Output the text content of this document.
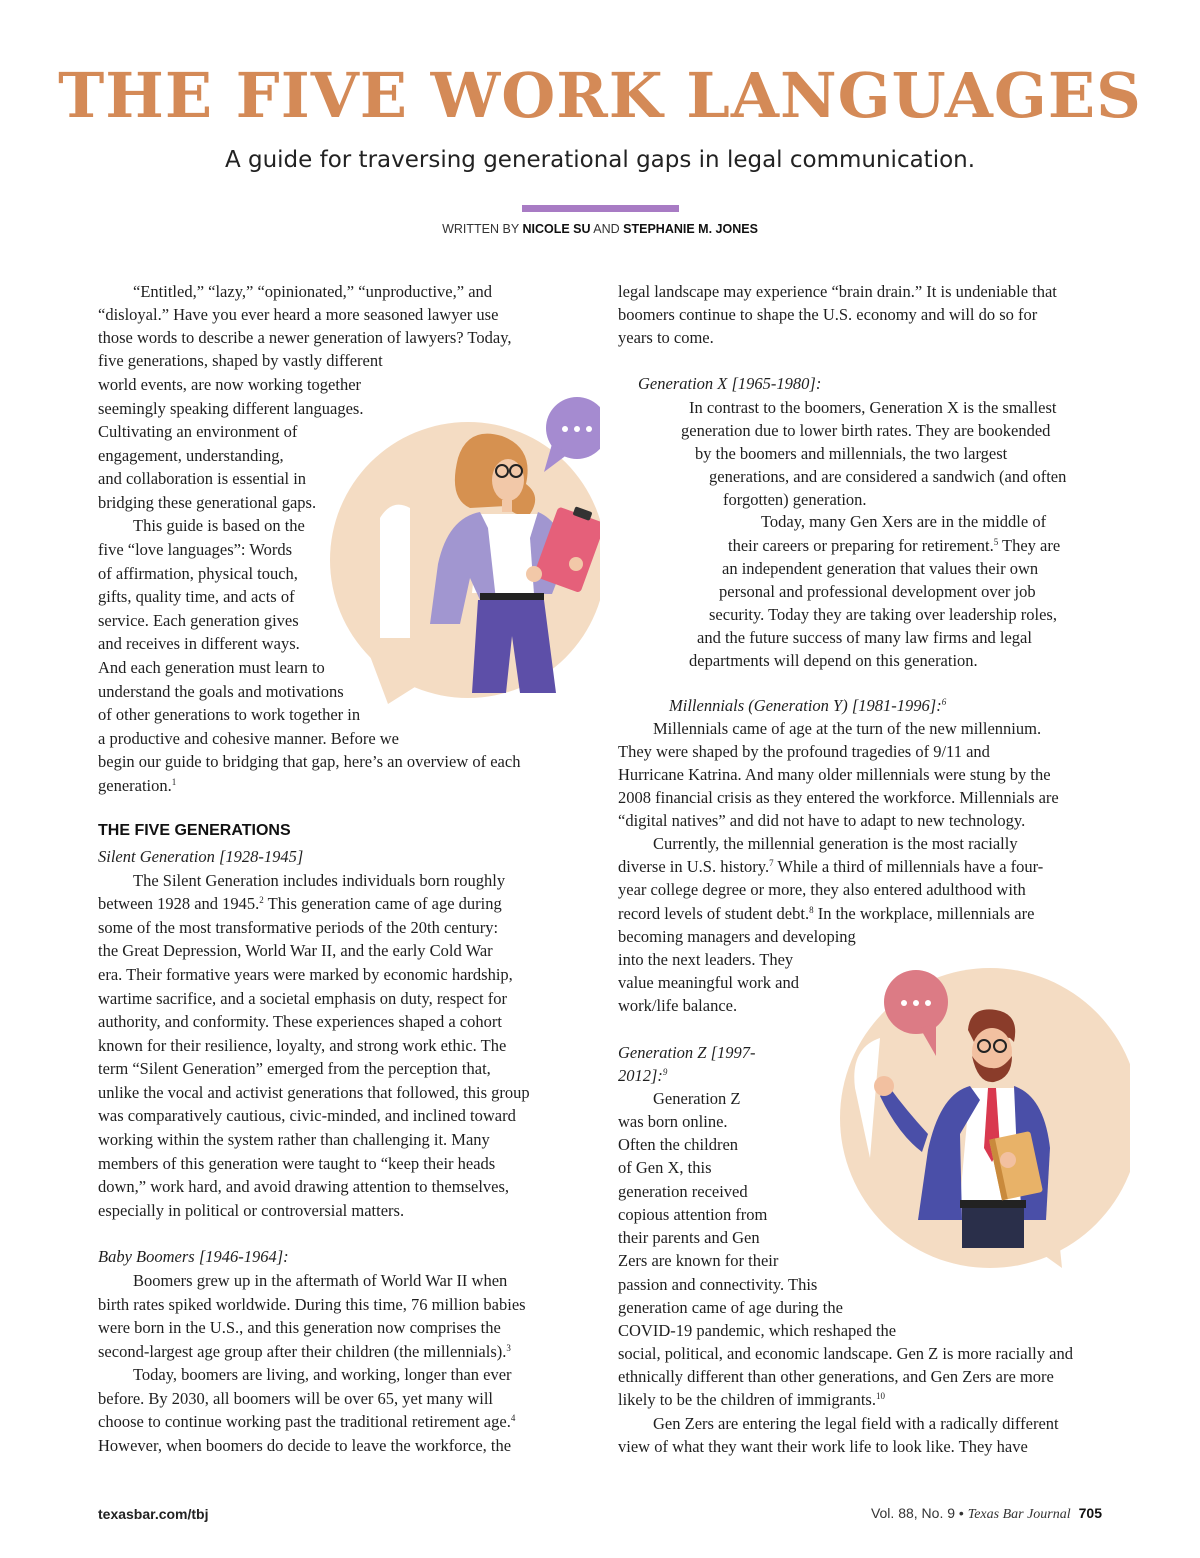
THE FIVE WORK LANGUAGES
A guide for traversing generational gaps in legal communication.
WRITTEN BY NICOLE SU AND STEPHANIE M. JONES
“Entitled,” “lazy,” “opinionated,” “unproductive,” and
“disloyal.” Have you ever heard a more seasoned lawyer use
those words to describe a newer generation of lawyers? Today,
five generations, shaped by vastly different
world events, are now working together
seemingly speaking different languages.
Cultivating an environment of
engagement, understanding,
and collaboration is essential in
bridging these generational gaps.
This guide is based on the
five “love languages”: Words
of affirmation, physical touch,
gifts, quality time, and acts of
service. Each generation gives
and receives in different ways.
And each generation must learn to
understand the goals and motivations
of other generations to work together in
a productive and cohesive manner. Before we
begin our guide to bridging that gap, here’s an overview of each
generation.$^1$
THE FIVE GENERATIONS
Silent Generation [1928-1945]
The Silent Generation includes individuals born roughly
between 1928 and 1945.$^2$ This generation came of age during
some of the most transformative periods of the 20th century:
the Great Depression, World War II, and the early Cold War
era. Their formative years were marked by economic hardship,
wartime sacrifice, and a societal emphasis on duty, respect for
authority, and conformity. These experiences shaped a cohort
known for their resilience, loyalty, and strong work ethic. The
term “Silent Generation” emerged from the perception that,
unlike the vocal and activist generations that followed, this group
was comparatively cautious, civic-minded, and inclined toward
working within the system rather than challenging it. Many
members of this generation were taught to “keep their heads
down,” work hard, and avoid drawing attention to themselves,
especially in political or controversial matters.
Baby Boomers [1946-1964]:
Boomers grew up in the aftermath of World War II when
birth rates spiked worldwide. During this time, 76 million babies
were born in the U.S., and this generation now comprises the
second-largest age group after their children (the millennials).$^3$
Today, boomers are living, and working, longer than ever
before. By 2030, all boomers will be over 65, yet many will
choose to continue working past the traditional retirement age.$^4$
However, when boomers do decide to leave the workforce, the
legal landscape may experience “brain drain.” It is undeniable that
boomers continue to shape the U.S. economy and will do so for
years to come.
Generation X [1965-1980]:
In contrast to the boomers, Generation X is the smallest
generation due to lower birth rates. They are bookended
by the boomers and millennials, the two largest
generations, and are considered a sandwich (and often
forgotten) generation.
Today, many Gen Xers are in the middle of
their careers or preparing for retirement.$^5$ They are
an independent generation that values their own
personal and professional development over job
security. Today they are taking over leadership roles,
and the future success of many law firms and legal
departments will depend on this generation.
Millennials (Generation Y) [1981-1996]:$^6$
Millennials came of age at the turn of the new millennium.
They were shaped by the profound tragedies of 9/11 and
Hurricane Katrina. And many older millennials were stung by the
2008 financial crisis as they entered the workforce. Millennials are
“digital natives” and did not have to adapt to new technology.
Currently, the millennial generation is the most racially
diverse in U.S. history.$^7$ While a third of millennials have a four-
year college degree or more, they also entered adulthood with
record levels of student debt.$^8$ In the workplace, millennials are
becoming managers and developing
into the next leaders. They
value meaningful work and
work/life balance.
Generation Z [1997-
2012]:$^9$
Generation Z
was born online.
Often the children
of Gen X, this
generation received
copious attention from
their parents and Gen
Zers are known for their
passion and connectivity. This
generation came of age during the
COVID-19 pandemic, which reshaped the
social, political, and economic landscape. Gen Z is more racially and
ethnically different than other generations, and Gen Zers are more
likely to be the children of immigrants.$^{10}$
Gen Zers are entering the legal field with a radically different
view of what they want their work life to look like. They have
texasbar.com/tbj	Vol. 88, No. 9 • Texas Bar Journal 705
